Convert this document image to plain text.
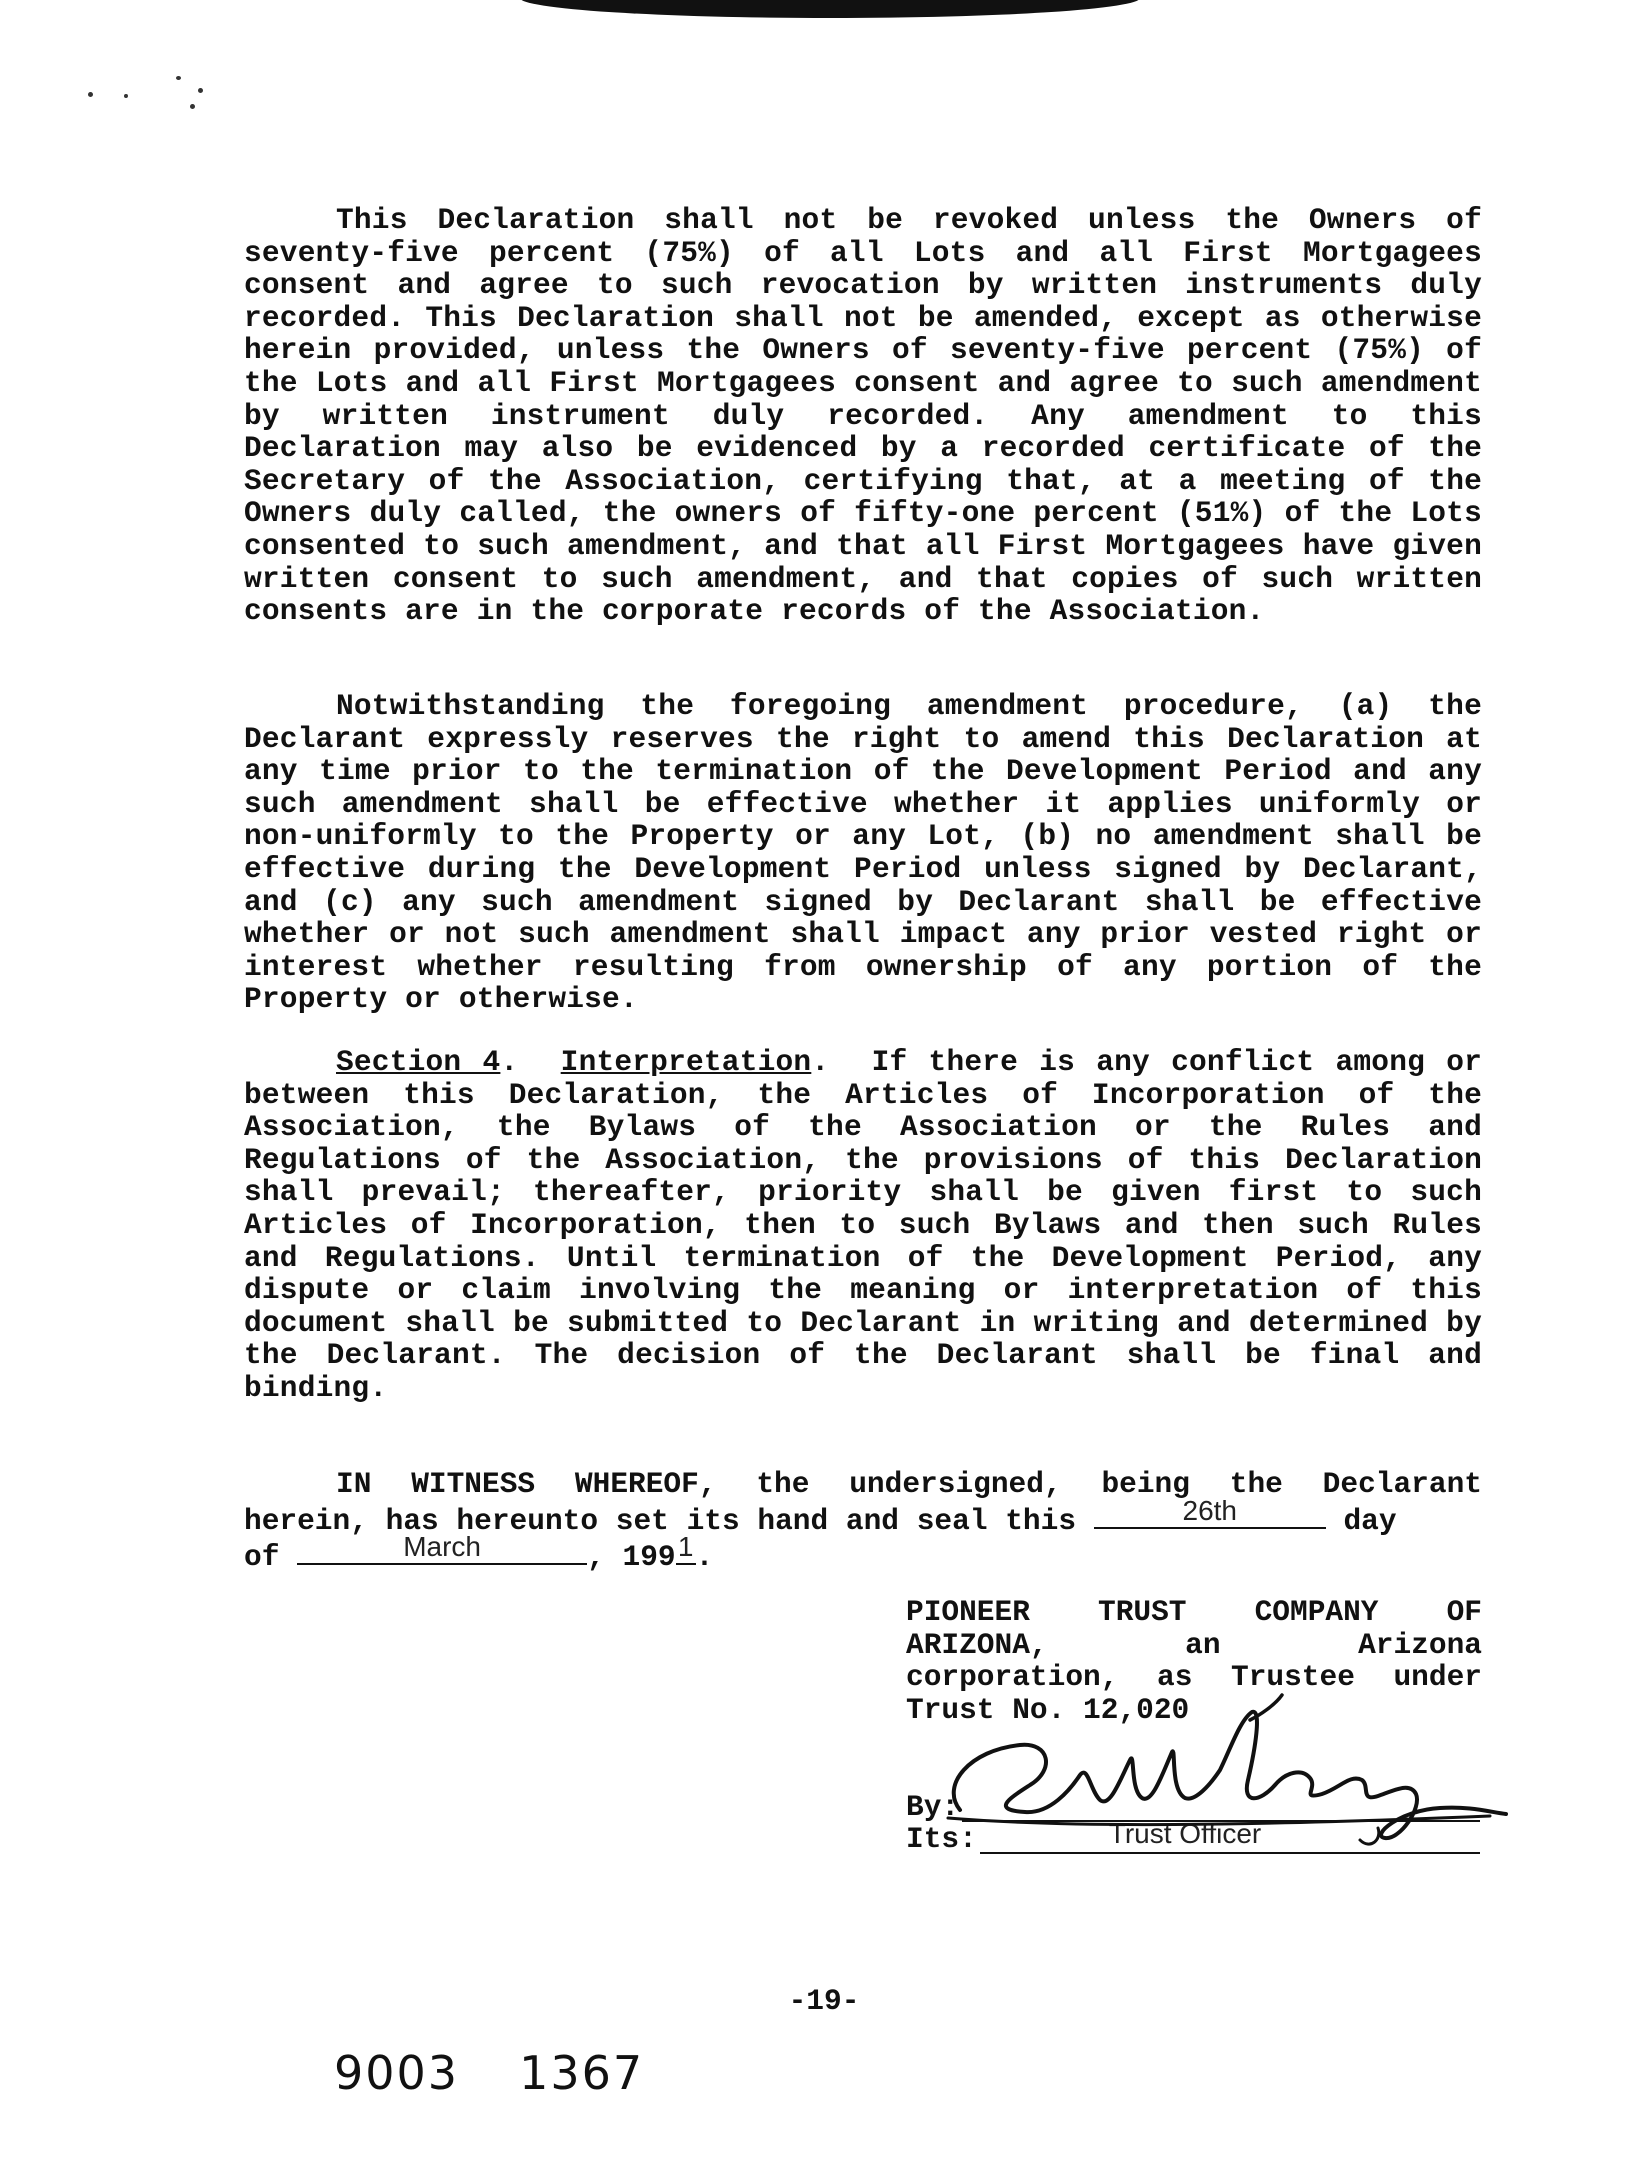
This Declaration shall not be revoked unless the Owners of seventy-five percent (75%) of all Lots and all First Mortgagees consent and agree to such revocation by written instruments duly recorded. This Declaration shall not be amended, except as otherwise herein provided, unless the Owners of seventy-five percent (75%) of the Lots and all First Mortgagees consent and agree to such amendment by written instrument duly recorded. Any amendment to this Declaration may also be evidenced by a recorded certificate of the Secretary of the Association, certifying that, at a meeting of the Owners duly called, the owners of fifty-one percent (51%) of the Lots consented to such amendment, and that all First Mortgagees have given written consent to such amendment, and that copies of such written consents are in the corporate records of the Association.
Notwithstanding the foregoing amendment procedure, (a) the Declarant expressly reserves the right to amend this Declaration at any time prior to the termination of the Development Period and any such amendment shall be effective whether it applies uniformly or non-uniformly to the Property or any Lot, (b) no amendment shall be effective during the Development Period unless signed by Declarant, and (c) any such amendment signed by Declarant shall be effective whether or not such amendment shall impact any prior vested right or interest whether resulting from ownership of any portion of the Property or otherwise.
Section 4.  Interpretation.  If there is any conflict among or between this Declaration, the Articles of Incorporation of the Association, the Bylaws of the Association or the Rules and Regulations of the Association, the provisions of this Declaration shall prevail; thereafter, priority shall be given first to such Articles of Incorporation, then to such Bylaws and then such Rules and Regulations. Until termination of the Development Period, any dispute or claim involving the meaning or interpretation of this document shall be submitted to Declarant in writing and determined by the Declarant. The decision of the Declarant shall be final and binding.
IN WITNESS WHEREOF, the undersigned, being the Declarant
herein, has hereunto set its hand and seal this	26th	day
of	March	, 199 1 .
PIONEER TRUST COMPANY OF
ARIZONA, an Arizona
corporation, as Trustee under
Trust No. 12,020
By:
Its:	Trust Officer
-19-
9003 1367
